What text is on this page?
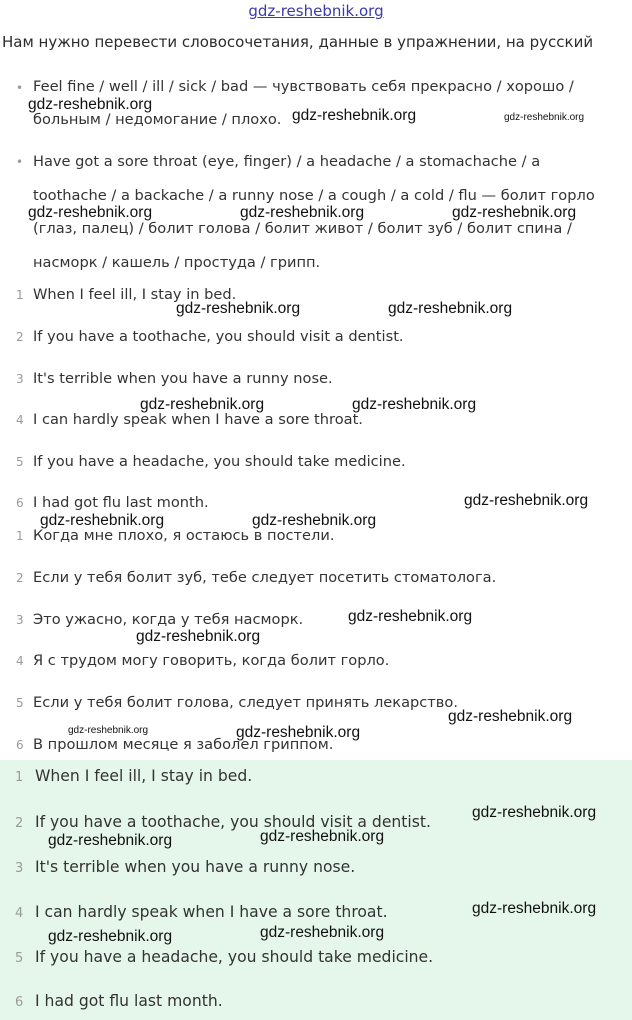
gdz-reshebnik.org
Нам нужно перевести словосочетания, данные в упражнении, на русский
• Feel fine / well / ill / sick / bad — чувствовать себя прекрасно / хорошо /
больным / недомогание / плохо.
• Have got a sore throat (eye, finger) / a headache / a stomachache / a
toothache / a backache / a runny nose / a cough / a cold / flu — болит горло
(глаз, палец) / болит голова / болит живот / болит зуб / болит спина /
насморк / кашель / простуда / грипп.
1 When I feel ill, I stay in bed.
2 If you have a toothache, you should visit a dentist.
3 It's terrible when you have a runny nose.
4 I can hardly speak when I have a sore throat.
5 If you have a headache, you should take medicine.
6 I had got flu last month.
1 Когда мне плохо, я остаюсь в постели.
2 Если у тебя болит зуб, тебе следует посетить стоматолога.
3 Это ужасно, когда у тебя насморк.
4 Я с трудом могу говорить, когда болит горло.
5 Если у тебя болит голова, следует принять лекарство.
6 В прошлом месяце я заболел гриппом.
1 When I feel ill, I stay in bed.
2 If you have a toothache, you should visit a dentist.
3 It's terrible when you have a runny nose.
4 I can hardly speak when I have a sore throat.
5 If you have a headache, you should take medicine.
6 I had got flu last month.
gdz-reshebnik.org
gdz-reshebnik.org	gdz-reshebnik.org
gdz-reshebnik.org	gdz-reshebnik.org	gdz-reshebnik.org
gdz-reshebnik.org	gdz-reshebnik.org
gdz-reshebnik.org	gdz-reshebnik.org
gdz-reshebnik.org
gdz-reshebnik.org	gdz-reshebnik.org
gdz-reshebnik.org
gdz-reshebnik.org
gdz-reshebnik.org
gdz-reshebnik.org	gdz-reshebnik.org
gdz-reshebnik.org
gdz-reshebnik.org
gdz-reshebnik.org
gdz-reshebnik.org
gdz-reshebnik.org
gdz-reshebnik.org
